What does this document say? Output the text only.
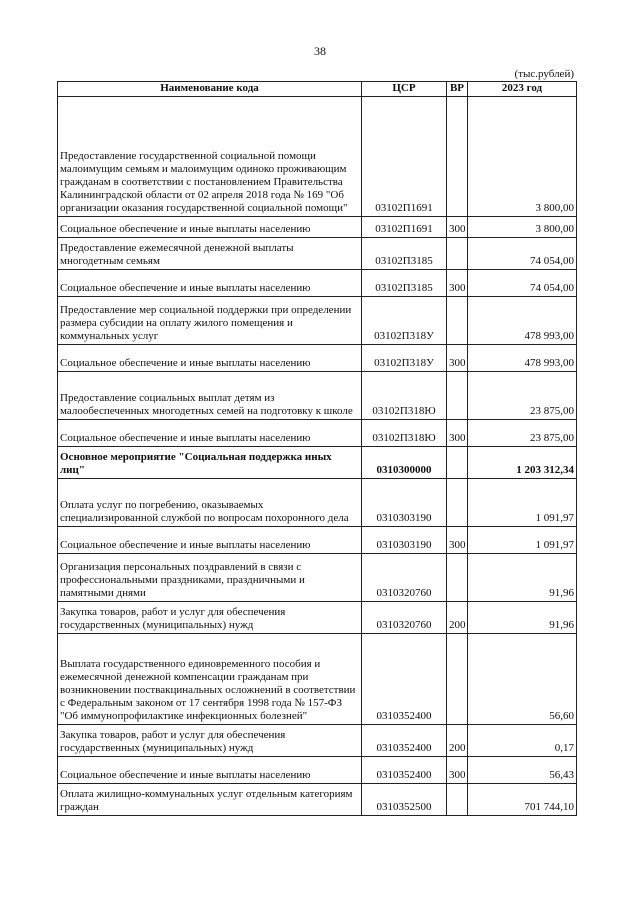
38
(тыс.рублей)
Наименование кода	ЦСР	ВР	2023 год
Предоставление государственной социальной помощи малоимущим семьям и малоимущим одиноко проживающим гражданам в соответствии с постановлением Правительства Калининградской области от 02 апреля 2018 года № 169 "Об организации оказания государственной социальной помощи"	03102П1691		3 800,00
Социальное обеспечение и иные выплаты населению	03102П1691	300	3 800,00
Предоставление ежемесячной денежной выплаты многодетным семьям	03102П3185		74 054,00
Социальное обеспечение и иные выплаты населению	03102П3185	300	74 054,00
Предоставление мер социальной поддержки при определении размера субсидии на оплату жилого помещения и коммунальных услуг	03102П318У		478 993,00
Социальное обеспечение и иные выплаты населению	03102П318У	300	478 993,00
Предоставление социальных выплат детям из малообеспеченных многодетных семей на подготовку к школе	03102П318Ю		23 875,00
Социальное обеспечение и иные выплаты населению	03102П318Ю	300	23 875,00
Основное мероприятие "Социальная поддержка иных лиц"	0310300000		1 203 312,34
Оплата услуг по погребению, оказываемых специализированной службой по вопросам похоронного дела	0310303190		1 091,97
Социальное обеспечение и иные выплаты населению	0310303190	300	1 091,97
Организация персональных поздравлений в связи с профессиональными праздниками, праздничными и памятными днями	0310320760		91,96
Закупка товаров, работ и услуг для обеспечения государственных (муниципальных) нужд	0310320760	200	91,96
Выплата государственного единовременного пособия и ежемесячной денежной компенсации гражданам при возникновении поствакцинальных осложнений в соответствии с Федеральным законом от 17 сентября 1998 года № 157-ФЗ "Об иммунопрофилактике инфекционных болезней"	0310352400		56,60
Закупка товаров, работ и услуг для обеспечения государственных (муниципальных) нужд	0310352400	200	0,17
Социальное обеспечение и иные выплаты населению	0310352400	300	56,43
Оплата жилищно-коммунальных услуг отдельным категориям граждан	0310352500		701 744,10
